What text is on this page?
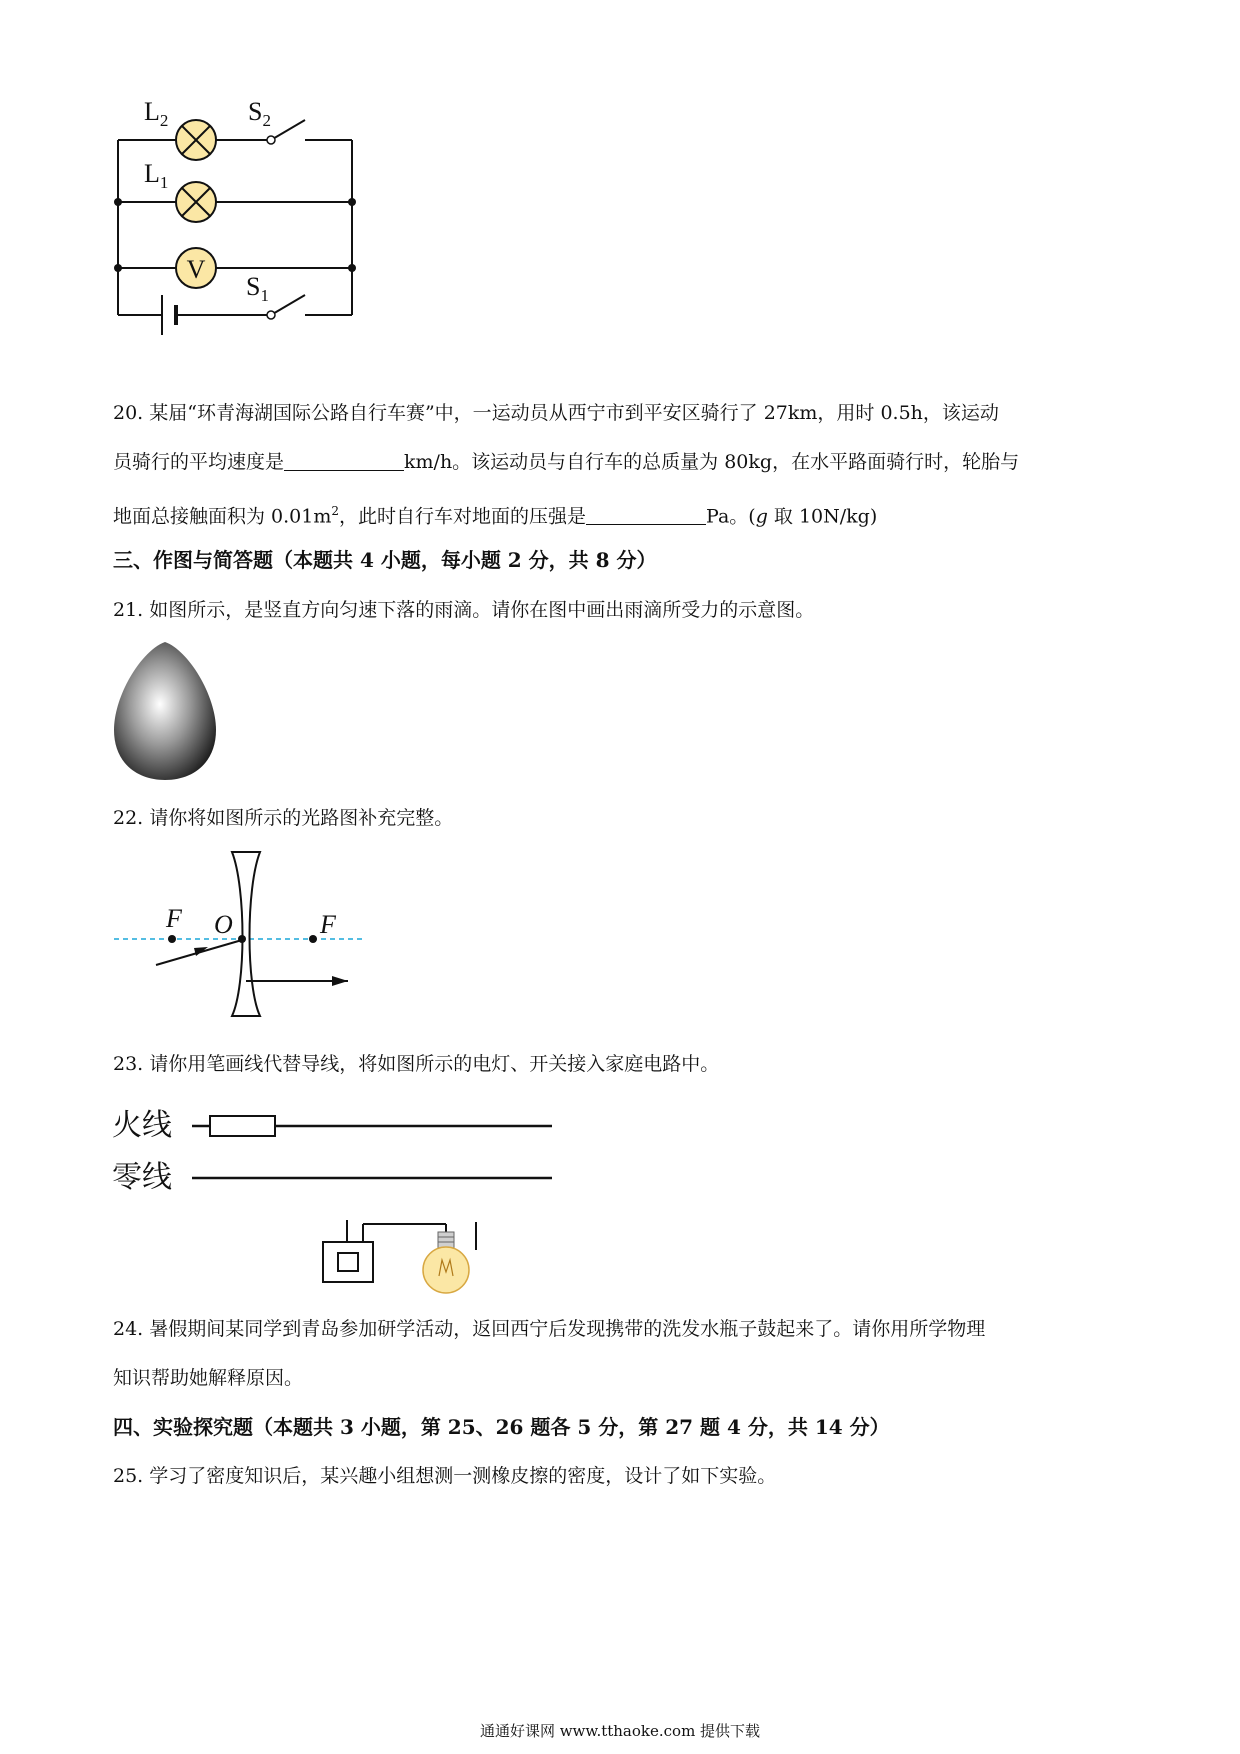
V
$L_2$	$S_2$
$L_1$
$S_1$
20. 某届“环青海湖国际公路自行车赛”中，一运动员从西宁市到平安区骑行了 27km，用时 0.5h，该运动
员骑行的平均速度是	km/h。该运动员与自行车的总质量为 80kg，在水平路面骑行时，轮胎与
地面总接触面积为 $0.01m^2$，此时自行车对地面的压强是	Pa。(g 取 10N/kg)
三、作图与简答题（本题共 4 小题，每小题 2 分，共 8 分）
21. 如图所示，是竖直方向匀速下落的雨滴。请你在图中画出雨滴所受力的示意图。
22. 请你将如图所示的光路图补充完整。
F O	F
23. 请你用笔画线代替导线，将如图所示的电灯、开关接入家庭电路中。
火线
零线
24. 暑假期间某同学到青岛参加研学活动，返回西宁后发现携带的洗发水瓶子鼓起来了。请你用所学物理
知识帮助她解释原因。
四、实验探究题（本题共 3 小题，第 25、26 题各 5 分，第 27 题 4 分，共 14 分）
25. 学习了密度知识后，某兴趣小组想测一测橡皮擦的密度，设计了如下实验。
通通好课网 www.tthaoke.com 提供下载
